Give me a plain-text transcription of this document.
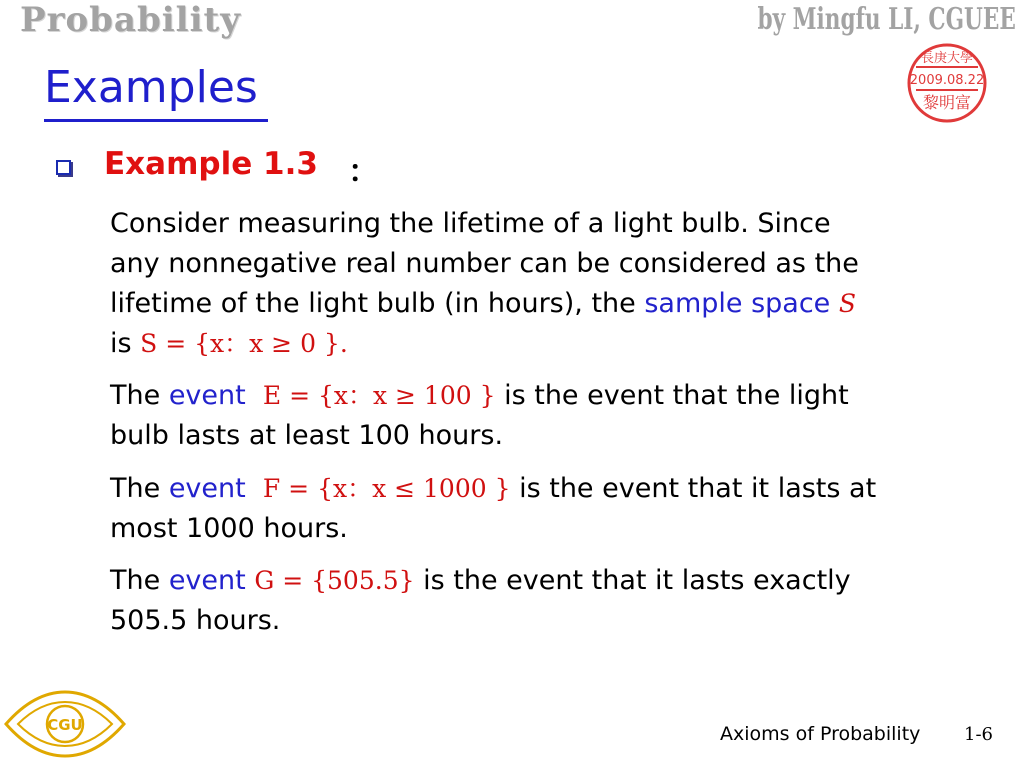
Probability	by Mingfu LI, CGUEE
長庚大學
2009.08.22
黎明富
Examples
Example 1.3 ：
Consider measuring the lifetime of a light bulb. Since
any nonnegative real number can be considered as the
lifetime of the light bulb (in hours), the sample space S
is S = {x：x ≥ 0 }.
The event E = {x：x ≥ 100 } is the event that the light
bulb lasts at least 100 hours.
The event F = {x：x ≤ 1000 } is the event that it lasts at
most 1000 hours.
The event G = {505.5} is the event that it lasts exactly
505.5 hours.
CGU	Axioms of Probability 1-6
